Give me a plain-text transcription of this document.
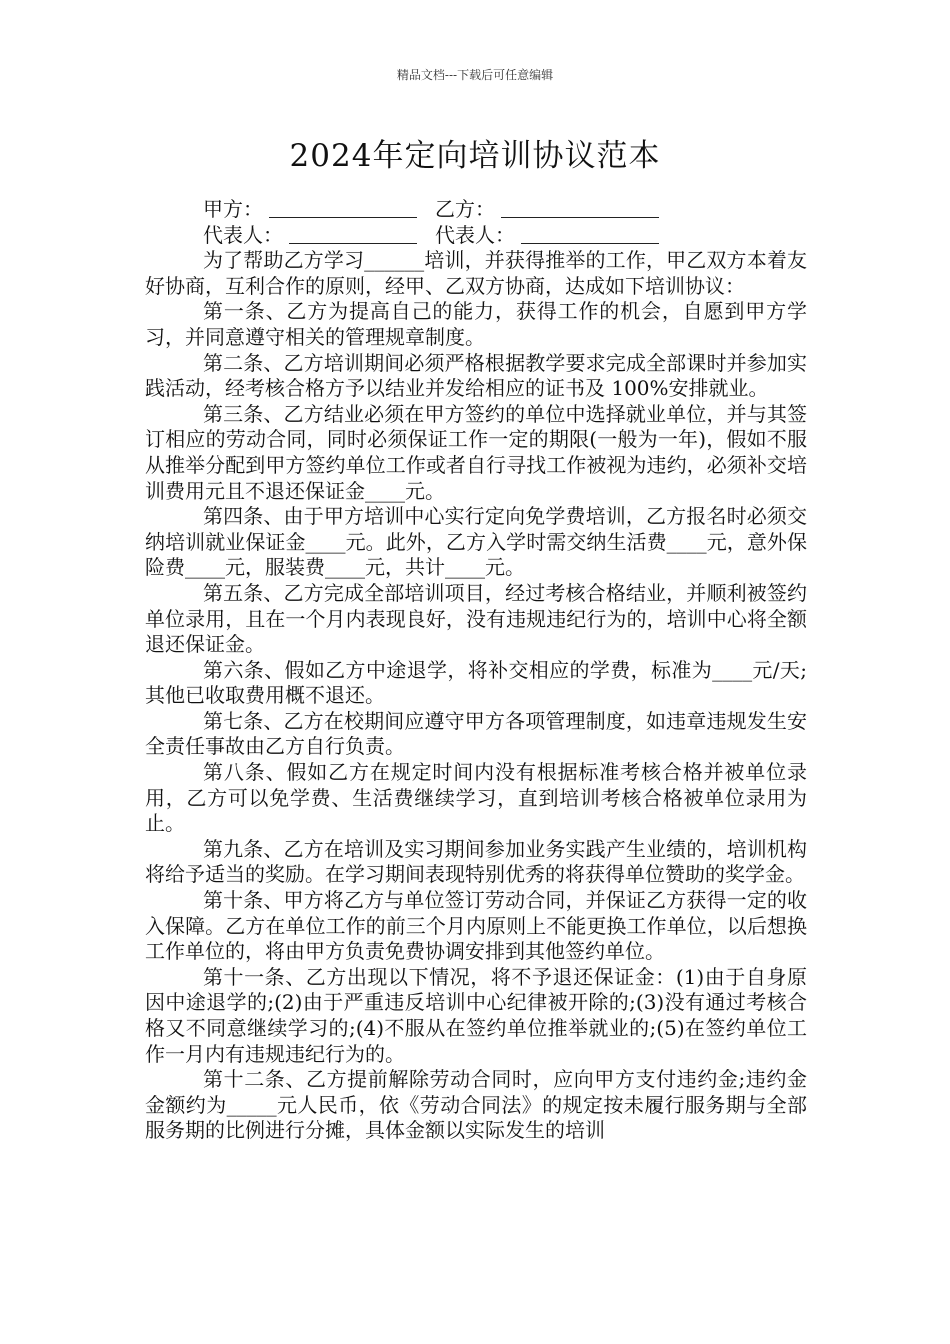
精品文档---下载后可任意编辑
2024年定向培训协议范本
甲方：	乙方：
代表人：	代表人：

为了帮助乙方学习______培训，并获得推举的工作，甲乙双方本着友好协商，互利合作的原则，经甲、乙双方协商，达成如下培训协议：

第一条、乙方为提高自己的能力，获得工作的机会，自愿到甲方学习，并同意遵守相关的管理规章制度。

第二条、乙方培训期间必须严格根据教学要求完成全部课时并参加实践活动，经考核合格方予以结业并发给相应的证书及 100%安排就业。

第三条、乙方结业必须在甲方签约的单位中选择就业单位，并与其签订相应的劳动合同，同时必须保证工作一定的期限(一般为一年)，假如不服从推举分配到甲方签约单位工作或者自行寻找工作被视为违约，必须补交培训费用元且不退还保证金____元。

第四条、由于甲方培训中心实行定向免学费培训，乙方报名时必须交纳培训就业保证金____元。此外，乙方入学时需交纳生活费____元，意外保险费____元，服装费____元，共计____元。

第五条、乙方完成全部培训项目，经过考核合格结业，并顺利被签约单位录用，且在一个月内表现良好，没有违规违纪行为的，培训中心将全额退还保证金。

第六条、假如乙方中途退学，将补交相应的学费，标准为____元/天;其他已收取费用概不退还。

第七条、乙方在校期间应遵守甲方各项管理制度，如违章违规发生安全责任事故由乙方自行负责。

第八条、假如乙方在规定时间内没有根据标准考核合格并被单位录用，乙方可以免学费、生活费继续学习，直到培训考核合格被单位录用为止。

第九条、乙方在培训及实习期间参加业务实践产生业绩的，培训机构将给予适当的奖励。在学习期间表现特别优秀的将获得单位赞助的奖学金。

第十条、甲方将乙方与单位签订劳动合同，并保证乙方获得一定的收入保障。乙方在单位工作的前三个月内原则上不能更换工作单位，以后想换工作单位的，将由甲方负责免费协调安排到其他签约单位。

第十一条、乙方出现以下情况，将不予退还保证金：(1)由于自身原因中途退学的;(2)由于严重违反培训中心纪律被开除的;(3)没有通过考核合格又不同意继续学习的;(4)不服从在签约单位推举就业的;(5)在签约单位工作一月内有违规违纪行为的。

第十二条、乙方提前解除劳动合同时，应向甲方支付违约金;违约金金额约为_____元人民币，依《劳动合同法》的规定按未履行服务期与全部服务期的比例进行分摊，具体金额以实际发生的培训
